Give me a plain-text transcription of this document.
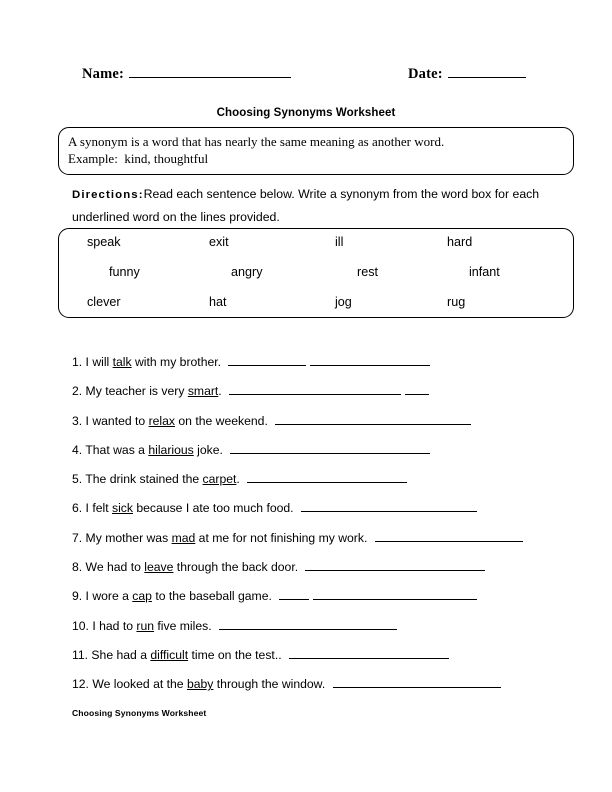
Name:	Date:
Choosing Synonyms Worksheet
A synonym is a word that has nearly the same meaning as another word.
Example:  kind, thoughtful
Directions:Read each sentence below. Write a synonym from the word box for each underlined word on the lines provided.
speak	exit	ill	hard
funny	angry	rest	infant
clever	hat	jog	rug
1. I will talk with my brother.
2. My teacher is very smart.
3. I wanted to relax on the weekend.
4. That was a hilarious joke.
5. The drink stained the carpet.
6. I felt sick because I ate too much food.
7. My mother was mad at me for not finishing my work.
8. We had to leave through the back door.
9. I wore a cap to the baseball game.
10. I had to run five miles.
11. She had a difficult time on the test..
12. We looked at the baby through the window.
Choosing Synonyms Worksheet
